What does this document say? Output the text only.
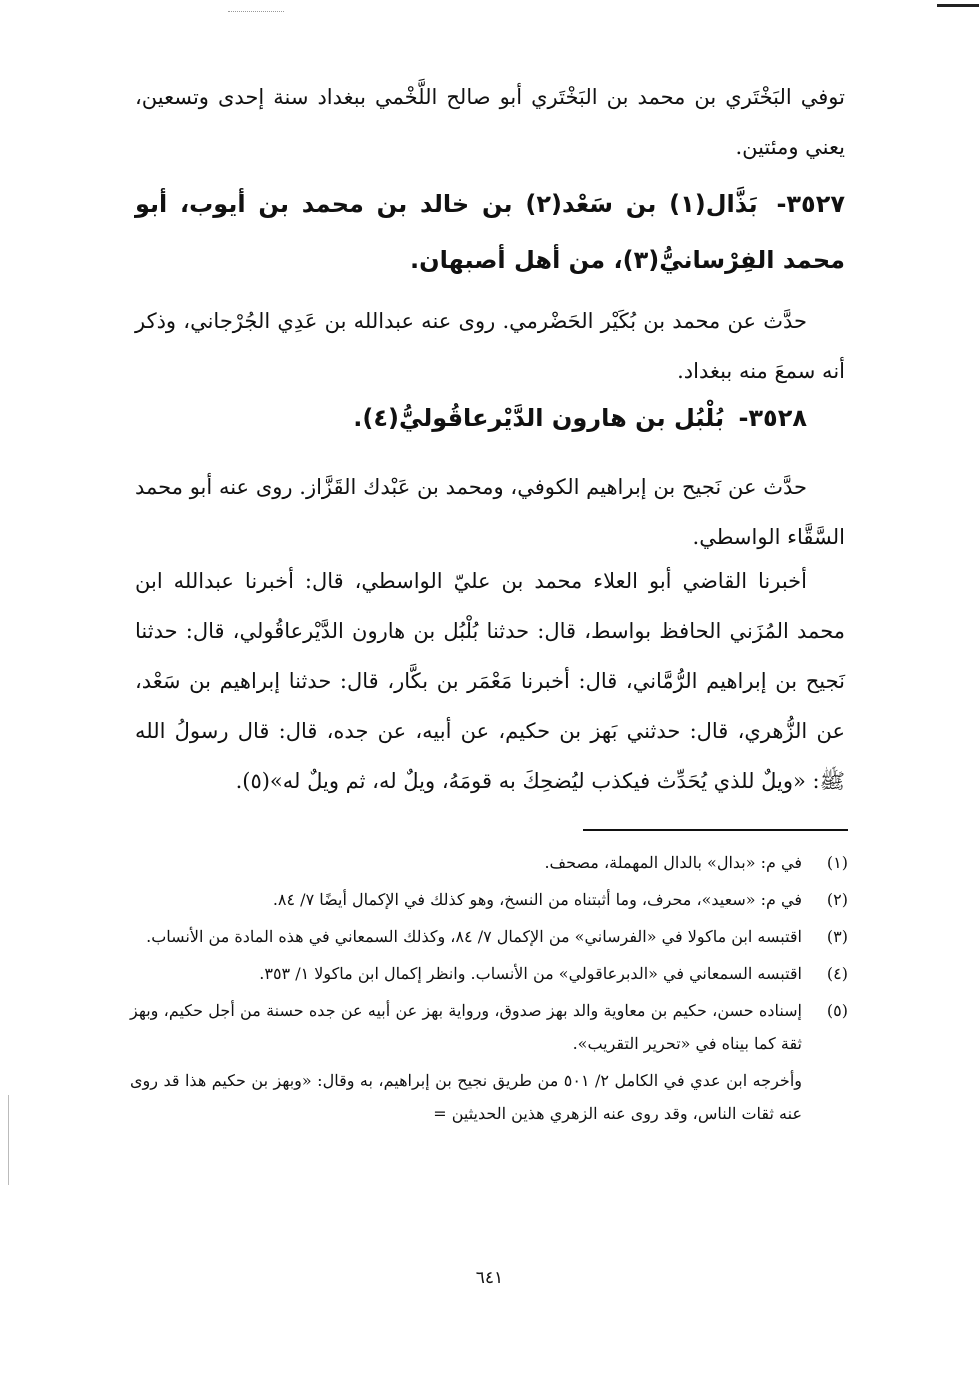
توفي البَخْتَري بن محمد بن البَخْتَري أبو صالح اللَّخْمي ببغداد سنة إحدى وتسعين، يعني ومئتين.

٣٥٢٧- بَذَّال(١) بن سَعْد(٢) بن خالد بن محمد بن أيوب، أبو محمد الفِرْسانيُّ(٣)، من أهل أصبهان.

حدَّث عن محمد بن بُكَيْر الحَضْرمي. روى عنه عبدالله بن عَدِي الجُرْجاني، وذكر أنه سمعَ منه ببغداد.

٣٥٢٨- بُلْبُل بن هارون الدَّيْرعاقُوليُّ(٤).

حدَّث عن نَجيح بن إبراهيم الكوفي، ومحمد بن عَبْدك القَزَّاز. روى عنه أبو محمد السَّقَّاء الواسطي.

أخبرنا القاضي أبو العلاء محمد بن عليّ الواسطي، قال: أخبرنا عبدالله ابن محمد المُزَني الحافظ بواسط، قال: حدثنا بُلْبُل بن هارون الدَّيْرعاقُولي، قال: حدثنا نَجيح بن إبراهيم الرُّمَّاني، قال: أخبرنا مَعْمَر بن بكَّار، قال: حدثنا إبراهيم بن سَعْد، عن الزُّهري، قال: حدثني بَهز بن حكيم، عن أبيه، عن جده، قال: قال رسولُ الله ﷺ: «ويلٌ للذي يُحَدِّث فيكذب ليُضحِكَ به قومَهُ، ويلٌ له، ثم ويلٌ له»(٥).

(١)
في م: «بدال» بالدال المهملة، مصحف.
(٢)
في م: «سعيد»، محرف، وما أثبتناه من النسخ، وهو كذلك في الإكمال أيضًا ٧/ ٨٤.
(٣)
اقتبسه ابن ماكولا في «الفرساني» من الإكمال ٧/ ٨٤، وكذلك السمعاني في هذه المادة من الأنساب.
(٤)
اقتبسه السمعاني في «الدبرعاقولي» من الأنساب. وانظر إكمال ابن ماكولا ١/ ٣٥٣.
(٥)
إسناده حسن، حكيم بن معاوية والد بهز صدوق، ورواية بهز عن أبيه عن جده حسنة من أجل حكيم، وبهز ثقة كما بيناه في «تحرير التقريب».
وأخرجه ابن عدي في الكامل ٢/ ٥٠١ من طريق نجيح بن إبراهيم، به وقال: «وبهز بن حكيم هذا قد روى عنه ثقات الناس، وقد روى عنه الزهري هذين الحديثين =
٦٤١
